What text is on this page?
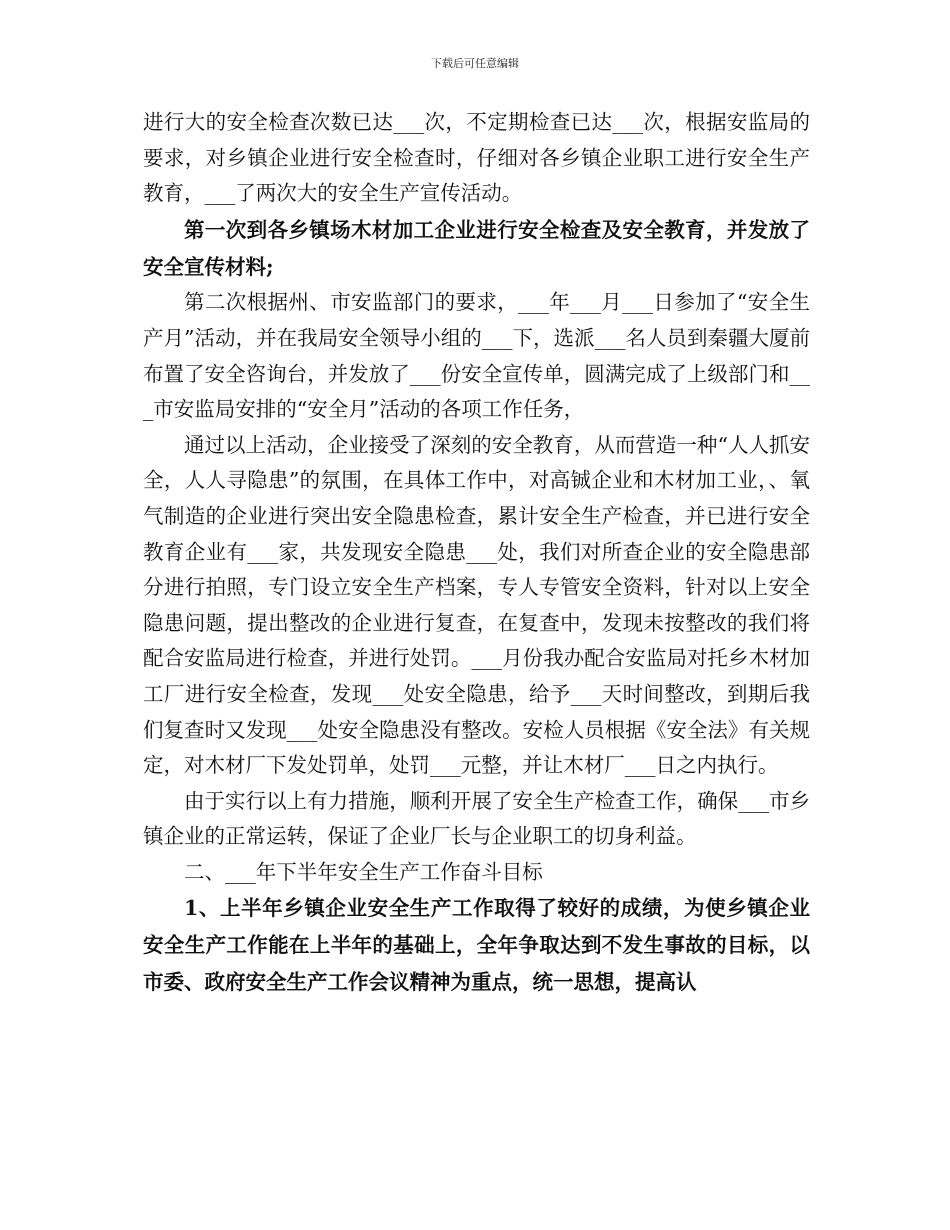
下载后可任意编辑

进行大的安全检查次数已达___次，不定期检查已达___次，根据安监局的要求，对乡镇企业进行安全检查时，仔细对各乡镇企业职工进行安全生产教育，___了两次大的安全生产宣传活动。

第一次到各乡镇场木材加工企业进行安全检查及安全教育，并发放了安全宣传材料;

第二次根据州、市安监部门的要求，___年___月___日参加了“安全生产月”活动，并在我局安全领导小组的___下，选派___名人员到秦疆大厦前布置了安全咨询台，并发放了___份安全宣传单，圆满完成了上级部门和___市安监局安排的“安全月”活动的各项工作任务，

通过以上活动，企业接受了深刻的安全教育，从而营造一种“人人抓安全，人人寻隐患”的氛围，在具体工作中，对高铖企业和木材加工业，、氧气制造的企业进行突出安全隐患检查，累计安全生产检查，并已进行安全教育企业有___家，共发现安全隐患___处，我们对所查企业的安全隐患部分进行拍照，专门设立安全生产档案，专人专管安全资料，针对以上安全隐患问题，提出整改的企业进行复查，在复查中，发现未按整改的我们将配合安监局进行检查，并进行处罚。___月份我办配合安监局对托乡木材加工厂进行安全检查，发现___处安全隐患，给予___天时间整改，到期后我们复查时又发现___处安全隐患没有整改。安检人员根据《安全法》有关规定，对木材厂下发处罚单，处罚___元整，并让木材厂___日之内执行。

由于实行以上有力措施，顺利开展了安全生产检查工作，确保___市乡镇企业的正常运转，保证了企业厂长与企业职工的切身利益。

二、___年下半年安全生产工作奋斗目标

1、上半年乡镇企业安全生产工作取得了较好的成绩，为使乡镇企业安全生产工作能在上半年的基础上，全年争取达到不发生事故的目标，以市委、政府安全生产工作会议精神为重点，统一思想，提高认
